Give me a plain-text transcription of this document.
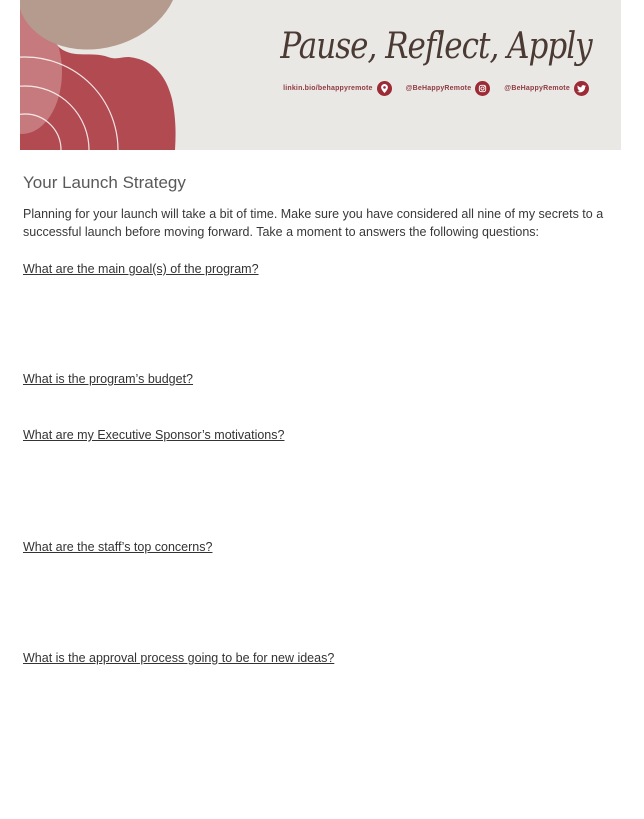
Pause, Reflect, Apply
linkin.bio/behappyremote	@BeHappyRemote	@BeHappyRemote
Your Launch Strategy

Planning for your launch will take a bit of time. Make sure you have considered all nine of my secrets to a successful launch before moving forward. Take a moment to answers the following questions:

What are the main goal(s) of the program?
What is the program’s budget?
What are my Executive Sponsor’s motivations?
What are the staff’s top concerns?
What is the approval process going to be for new ideas?
